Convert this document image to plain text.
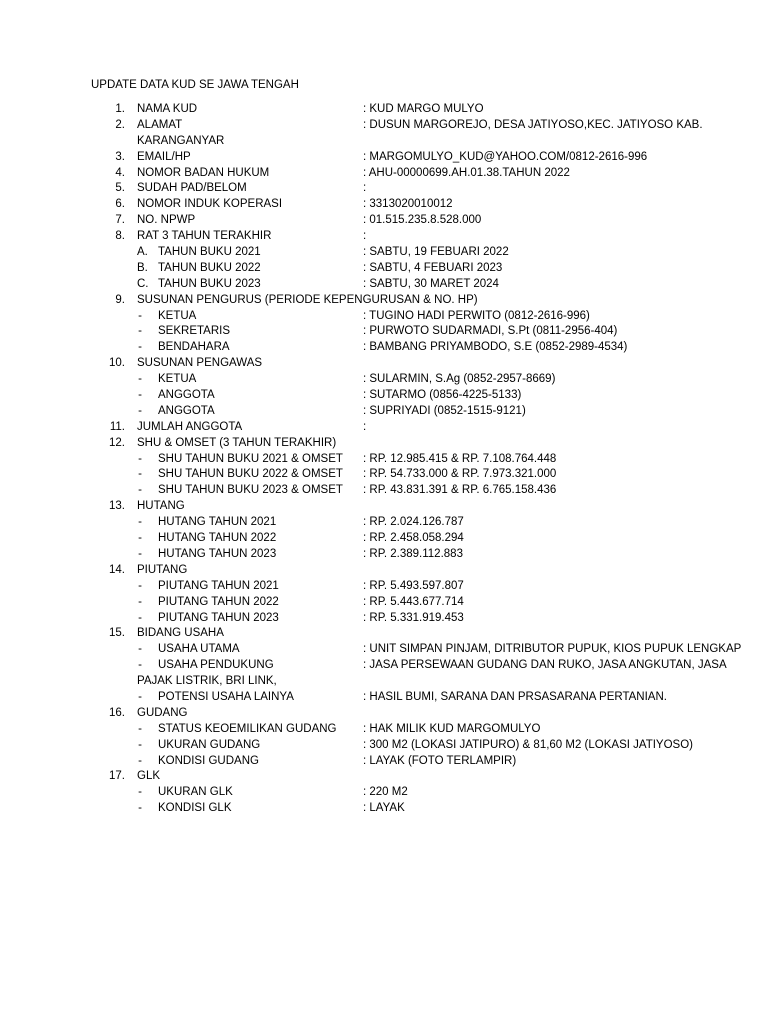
UPDATE DATA KUD SE JAWA TENGAH
1. NAMA KUD	: KUD MARGO MULYO
2. ALAMAT	: DUSUN MARGOREJO, DESA JATIYOSO,KEC. JATIYOSO KAB.
KARANGANYAR
3. EMAIL/HP	: MARGOMULYO_KUD@YAHOO.COM/0812-2616-996
4. NOMOR BADAN HUKUM	: AHU-00000699.AH.01.38.TAHUN 2022
5. SUDAH PAD/BELOM	:
6. NOMOR INDUK KOPERASI	: 3313020010012
7. NO. NPWP	: 01.515.235.8.528.000
8. RAT 3 TAHUN TERAKHIR	:
A. TAHUN BUKU 2021	: SABTU, 19 FEBUARI 2022
B. TAHUN BUKU 2022	: SABTU, 4 FEBUARI 2023
C. TAHUN BUKU 2023	: SABTU, 30 MARET 2024
9. SUSUNAN PENGURUS (PERIODE KEPENGURUSAN & NO. HP)
- KETUA	: TUGINO HADI PERWITO (0812-2616-996)
- SEKRETARIS	: PURWOTO SUDARMADI, S.Pt (0811-2956-404)
- BENDAHARA	: BAMBANG PRIYAMBODO, S.E (0852-2989-4534)
10. SUSUNAN PENGAWAS
- KETUA	: SULARMIN, S.Ag (0852-2957-8669)
- ANGGOTA	: SUTARMO (0856-4225-5133)
- ANGGOTA	: SUPRIYADI (0852-1515-9121)
11. JUMLAH ANGGOTA	:
12. SHU & OMSET (3 TAHUN TERAKHIR)
- SHU TAHUN BUKU 2021 & OMSET : RP. 12.985.415 & RP. 7.108.764.448
- SHU TAHUN BUKU 2022 & OMSET : RP. 54.733.000 & RP. 7.973.321.000
- SHU TAHUN BUKU 2023 & OMSET : RP. 43.831.391 & RP. 6.765.158.436
13. HUTANG
- HUTANG TAHUN 2021	: RP. 2.024.126.787
- HUTANG TAHUN 2022	: RP. 2.458.058.294
- HUTANG TAHUN 2023	: RP. 2.389.112.883
14. PIUTANG
- PIUTANG TAHUN 2021	: RP. 5.493.597.807
- PIUTANG TAHUN 2022	: RP. 5.443.677.714
- PIUTANG TAHUN 2023	: RP. 5.331.919.453
15. BIDANG USAHA
- USAHA UTAMA	: UNIT SIMPAN PINJAM, DITRIBUTOR PUPUK, KIOS PUPUK LENGKAP
- USAHA PENDUKUNG	: JASA PERSEWAAN GUDANG DAN RUKO, JASA ANGKUTAN, JASA
PAJAK LISTRIK, BRI LINK,
- POTENSI USAHA LAINYA	: HASIL BUMI, SARANA DAN PRSASARANA PERTANIAN.
16. GUDANG
- STATUS KEOEMILIKAN GUDANG : HAK MILIK KUD MARGOMULYO
- UKURAN GUDANG	: 300 M2 (LOKASI JATIPURO) & 81,60 M2 (LOKASI JATIYOSO)
- KONDISI GUDANG	: LAYAK (FOTO TERLAMPIR)
17. GLK
- UKURAN GLK	: 220 M2
- KONDISI GLK	: LAYAK
